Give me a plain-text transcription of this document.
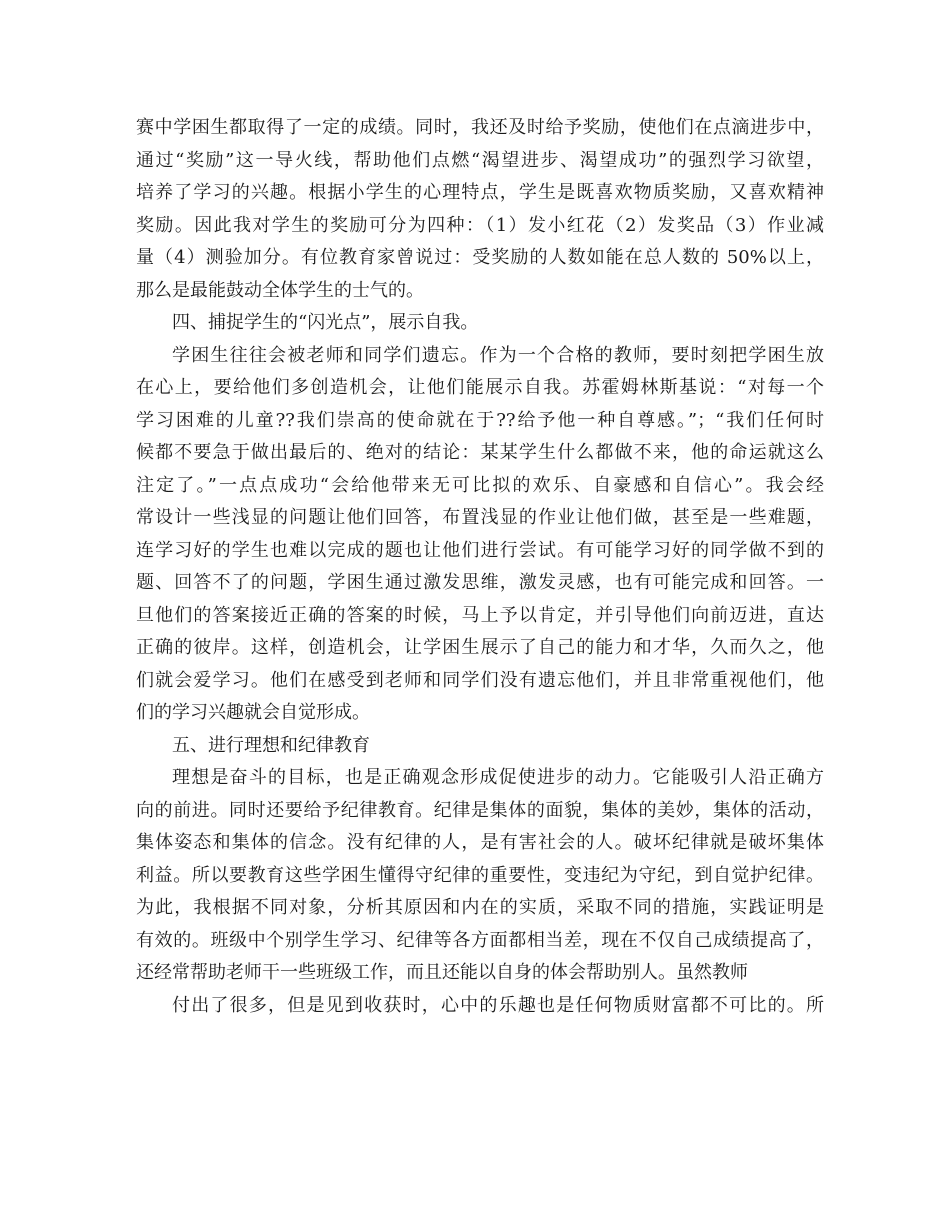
赛中学困生都取得了一定的成绩。同时，我还及时给予奖励，使他们在点滴进步中，
通过“奖励”这一导火线，帮助他们点燃“渴望进步、渴望成功”的强烈学习欲望，
培养了学习的兴趣。根据小学生的心理特点，学生是既喜欢物质奖励，又喜欢精神
奖励。因此我对学生的奖励可分为四种：（1）发小红花（2）发奖品（3）作业减
量（4）测验加分。有位教育家曾说过：受奖励的人数如能在总人数的 50%以上，
那么是最能鼓动全体学生的士气的。
四、捕捉学生的“闪光点”，展示自我。
学困生往往会被老师和同学们遗忘。作为一个合格的教师，要时刻把学困生放
在心上，要给他们多创造机会，让他们能展示自我。苏霍姆林斯基说：“对每一个
学习困难的儿童??我们崇高的使命就在于??给予他一种自尊感。”；“我们任何时
候都不要急于做出最后的、绝对的结论：某某学生什么都做不来，他的命运就这么
注定了。”一点点成功“会给他带来无可比拟的欢乐、自豪感和自信心”。我会经
常设计一些浅显的问题让他们回答，布置浅显的作业让他们做，甚至是一些难题，
连学习好的学生也难以完成的题也让他们进行尝试。有可能学习好的同学做不到的
题、回答不了的问题，学困生通过激发思维，激发灵感，也有可能完成和回答。一
旦他们的答案接近正确的答案的时候，马上予以肯定，并引导他们向前迈进，直达
正确的彼岸。这样，创造机会，让学困生展示了自己的能力和才华，久而久之，他
们就会爱学习。他们在感受到老师和同学们没有遗忘他们，并且非常重视他们，他
们的学习兴趣就会自觉形成。
五、进行理想和纪律教育
理想是奋斗的目标，也是正确观念形成促使进步的动力。它能吸引人沿正确方
向的前进。同时还要给予纪律教育。纪律是集体的面貌，集体的美妙，集体的活动，
集体姿态和集体的信念。没有纪律的人，是有害社会的人。破坏纪律就是破坏集体
利益。所以要教育这些学困生懂得守纪律的重要性，变违纪为守纪，到自觉护纪律。
为此，我根据不同对象，分析其原因和内在的实质，采取不同的措施，实践证明是
有效的。班级中个别学生学习、纪律等各方面都相当差，现在不仅自己成绩提高了，
还经常帮助老师干一些班级工作，而且还能以自身的体会帮助别人。虽然教师
付出了很多，但是见到收获时，心中的乐趣也是任何物质财富都不可比的。所
